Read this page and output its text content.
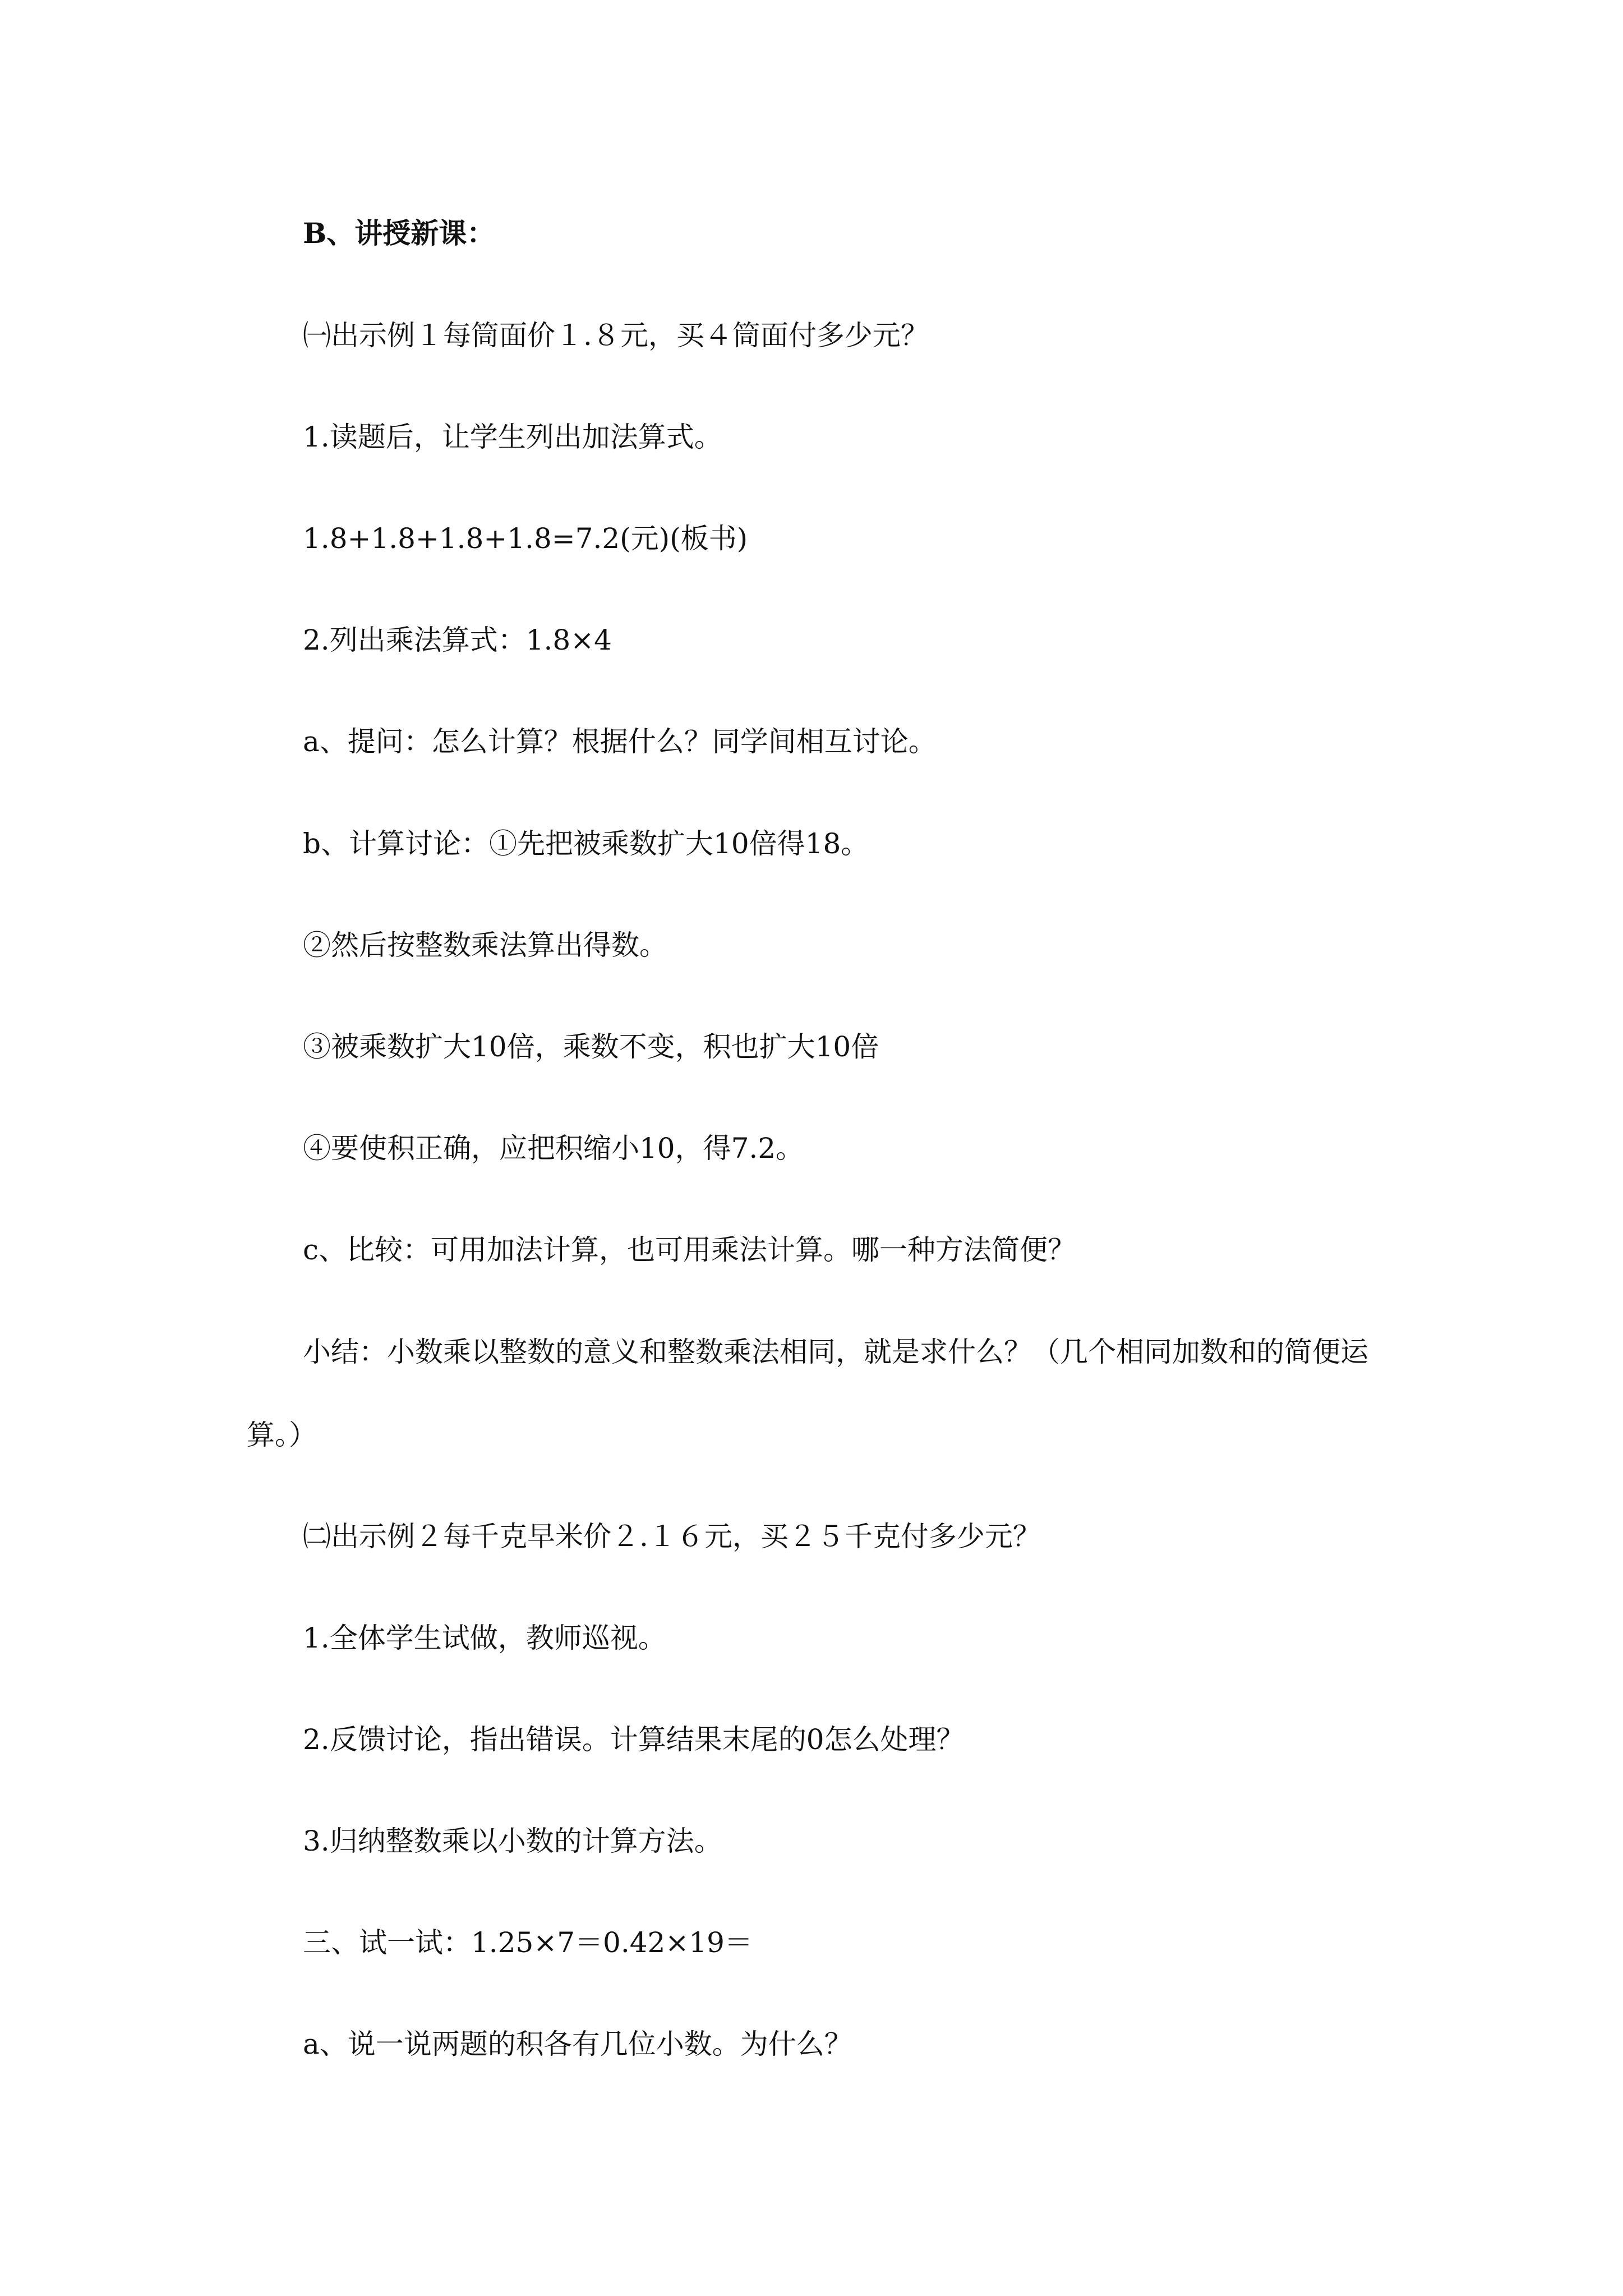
B、讲授新课：
㈠出示例１每筒面价１.８元，买４筒面付多少元？
1.读题后，让学生列出加法算式。
1.8+1.8+1.8+1.8=7.2(元)(板书)
2.列出乘法算式：1.8×4
a、提问：怎么计算？根据什么？同学间相互讨论。
b、计算讨论：①先把被乘数扩大10倍得18。
②然后按整数乘法算出得数。
③被乘数扩大10倍，乘数不变，积也扩大10倍
④要使积正确，应把积缩小10，得7.2。
c、比较：可用加法计算，也可用乘法计算。哪一种方法简便？
小结：小数乘以整数的意义和整数乘法相同，就是求什么？（几个相同加数和的简便运
算。）
㈡出示例２每千克早米价２.１６元，买２５千克付多少元？
1.全体学生试做，教师巡视。
2.反馈讨论，指出错误。计算结果末尾的0怎么处理？
3.归纳整数乘以小数的计算方法。
三、试一试：1.25×7＝0.42×19＝
a、说一说两题的积各有几位小数。为什么？
